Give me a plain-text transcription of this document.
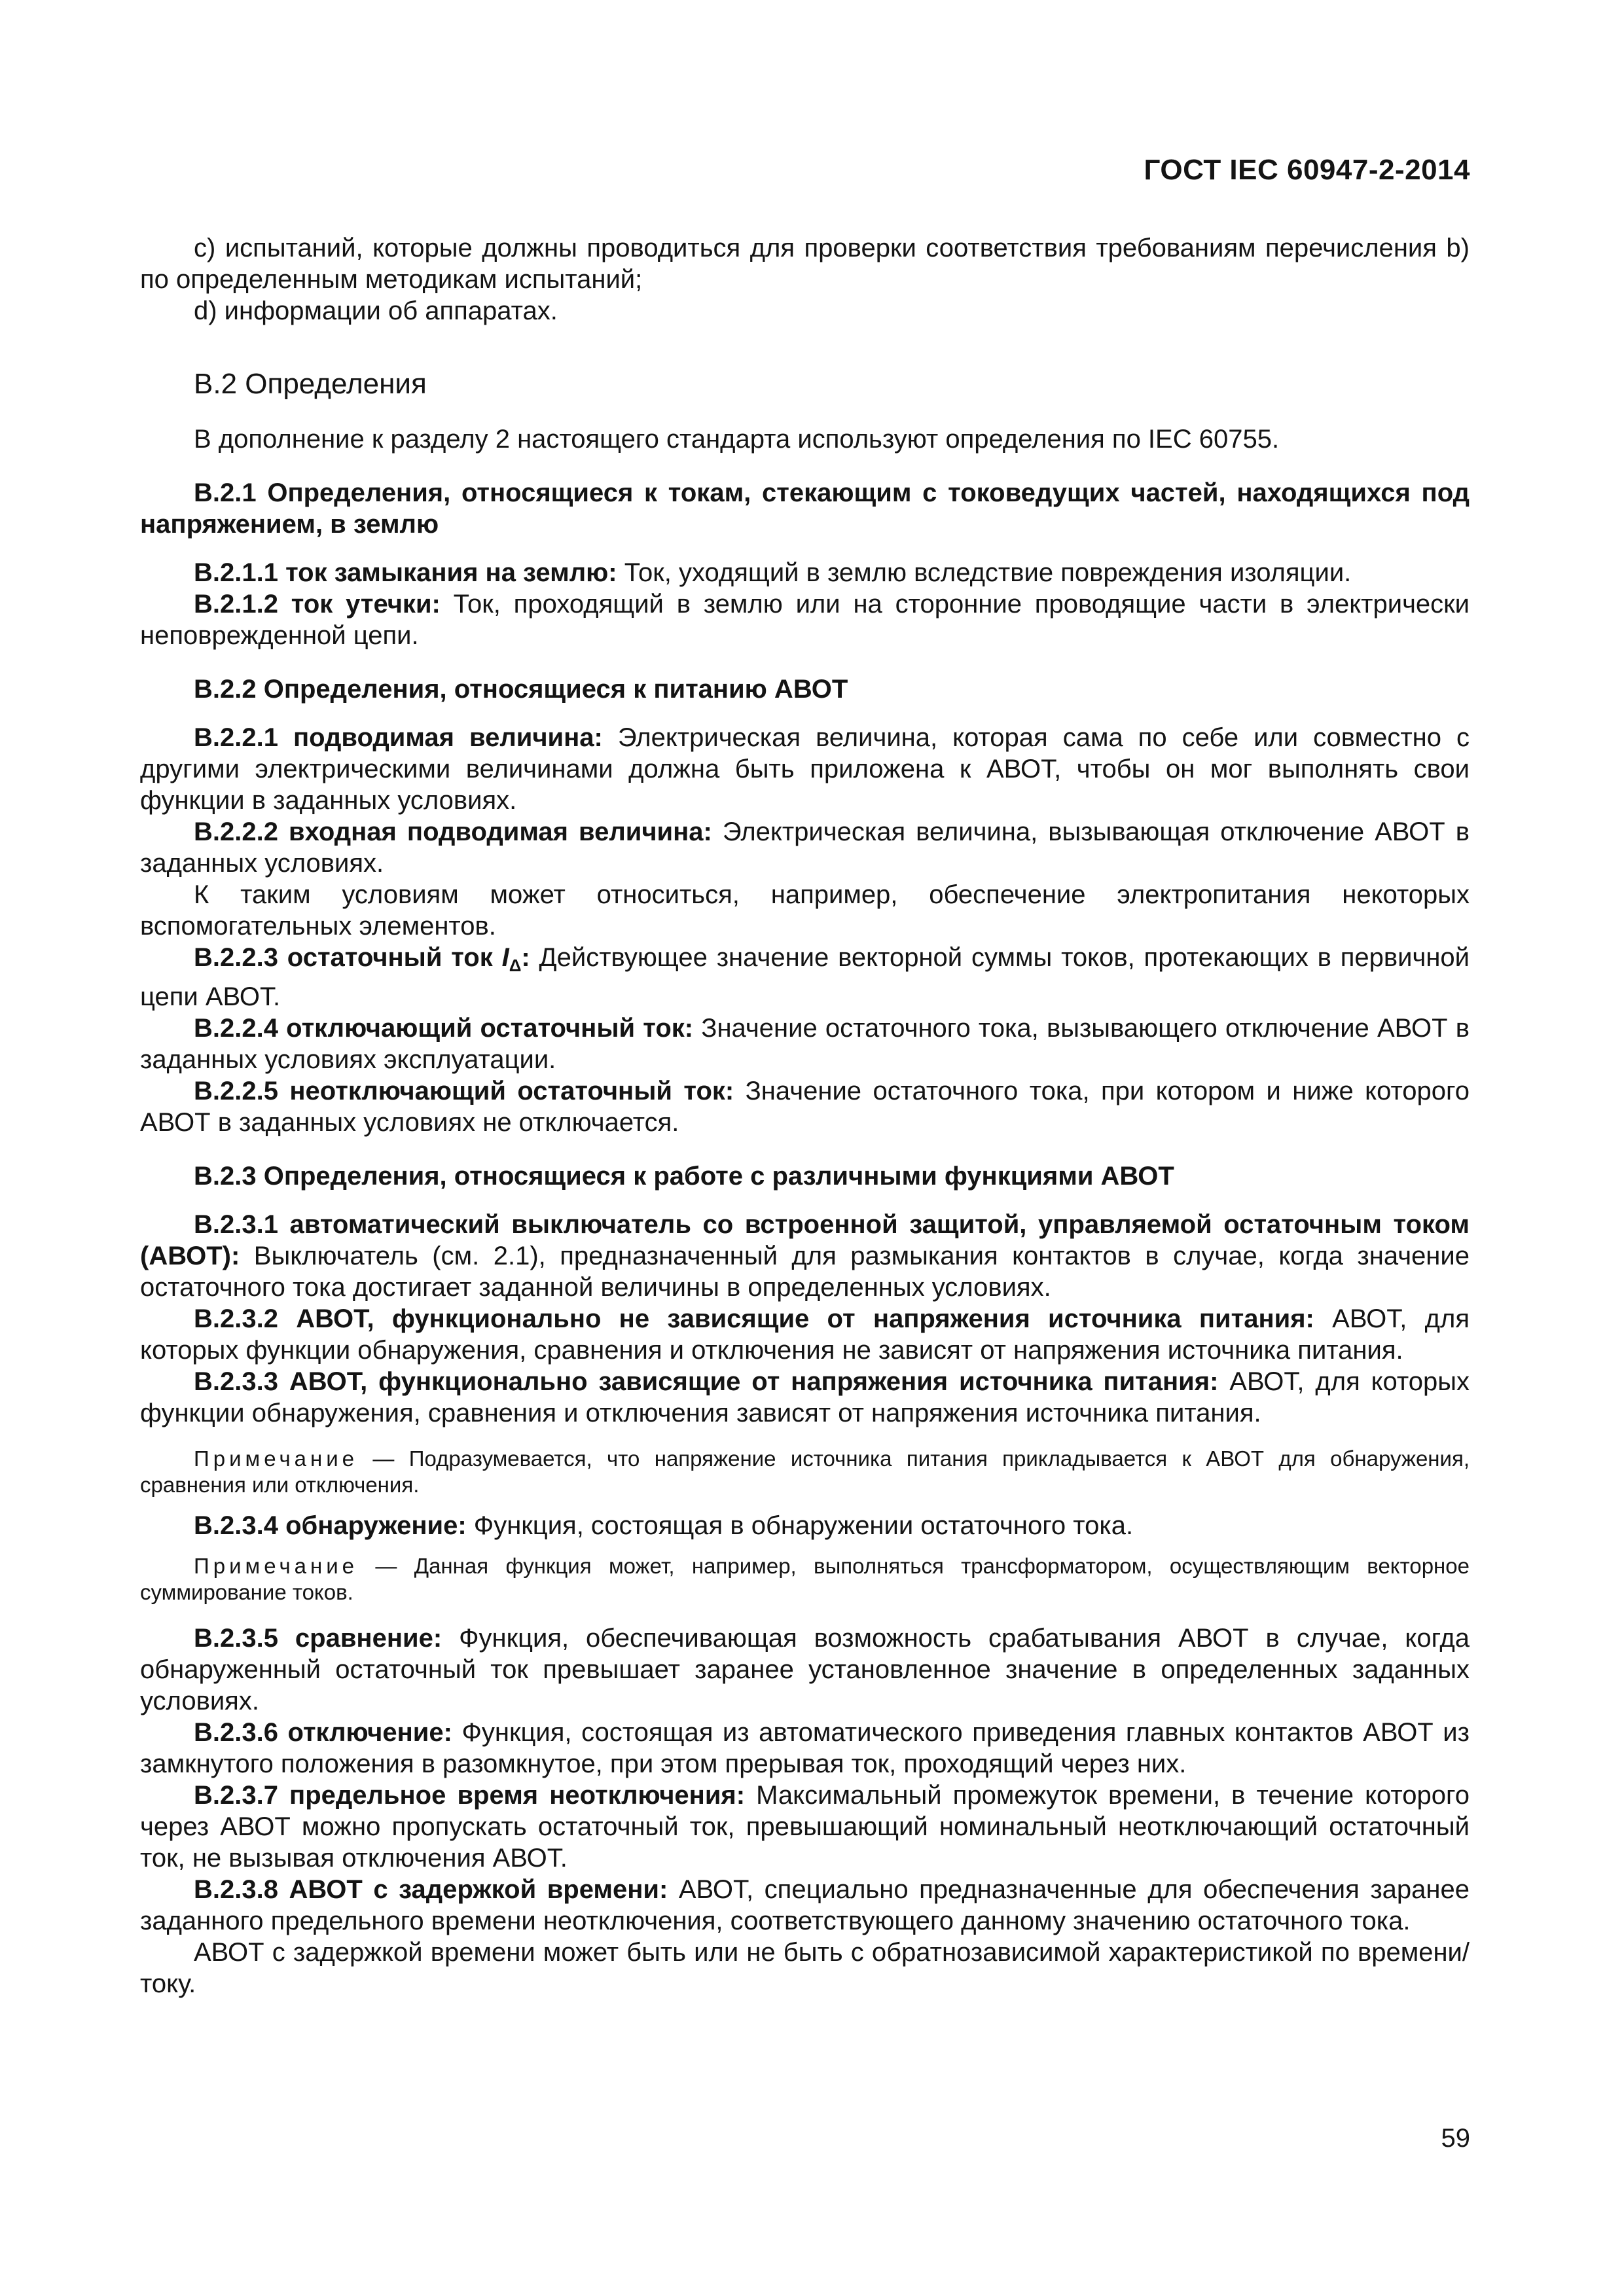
ГОСТ IEC 60947-2-2014

c) испытаний, которые должны проводиться для проверки соответствия требованиям перечисления b) по определенным методикам испытаний;

d) информации об аппаратах.

B.2 Определения

В дополнение к разделу 2 настоящего стандарта используют определения по IEC 60755.

B.2.1 Определения, относящиеся к токам, стекающим с токоведущих частей, находящихся под напряжением, в землю

B.2.1.1 ток замыкания на землю: Ток, уходящий в землю вследствие повреждения изоляции.

B.2.1.2 ток утечки: Ток, проходящий в землю или на сторонние проводящие части в электрически неповрежденной цепи.

B.2.2 Определения, относящиеся к питанию АВОТ

B.2.2.1 подводимая величина: Электрическая величина, которая сама по себе или совместно с другими электрическими величинами должна быть приложена к АВОТ, чтобы он мог выполнять свои функции в заданных условиях.

B.2.2.2 входная подводимая величина: Электрическая величина, вызывающая отключение АВОТ в заданных условиях.

К таким условиям может относиться, например, обеспечение электропитания некоторых вспомогательных элементов.

B.2.2.3 остаточный ток $I_\Delta$: Действующее значение векторной суммы токов, протекающих в первичной цепи АВОТ.

B.2.2.4 отключающий остаточный ток: Значение остаточного тока, вызывающего отключение АВОТ в заданных условиях эксплуатации.

B.2.2.5 неотключающий остаточный ток: Значение остаточного тока, при котором и ниже которого АВОТ в заданных условиях не отключается.

B.2.3 Определения, относящиеся к работе с различными функциями АВОТ

B.2.3.1 автоматический выключатель со встроенной защитой, управляемой остаточным током (АВОТ): Выключатель (см. 2.1), предназначенный для размыкания контактов в случае, когда значение остаточного тока достигает заданной величины в определенных условиях.

B.2.3.2 АВОТ, функционально не зависящие от напряжения источника питания: АВОТ, для которых функции обнаружения, сравнения и отключения не зависят от напряжения источника питания.

B.2.3.3 АВОТ, функционально зависящие от напряжения источника питания: АВОТ, для которых функции обнаружения, сравнения и отключения зависят от напряжения источника питания.

Примечание — Подразумевается, что напряжение источника питания прикладывается к АВОТ для обнаружения, сравнения или отключения.

B.2.3.4 обнаружение: Функция, состоящая в обнаружении остаточного тока.

Примечание — Данная функция может, например, выполняться трансформатором, осуществляющим векторное суммирование токов.

B.2.3.5 сравнение: Функция, обеспечивающая возможность срабатывания АВОТ в случае, когда обнаруженный остаточный ток превышает заранее установленное значение в определенных заданных условиях.

B.2.3.6 отключение: Функция, состоящая из автоматического приведения главных контактов АВОТ из замкнутого положения в разомкнутое, при этом прерывая ток, проходящий через них.

B.2.3.7 предельное время неотключения: Максимальный промежуток времени, в течение которого через АВОТ можно пропускать остаточный ток, превышающий номинальный неотключающий остаточный ток, не вызывая отключения АВОТ.

B.2.3.8 АВОТ с задержкой времени: АВОТ, специально предназначенные для обеспечения заранее заданного предельного времени неотключения, соответствующего данному значению остаточного тока.

АВОТ с задержкой времени может быть или не быть с обратнозависимой характеристикой по времени/току.

59
